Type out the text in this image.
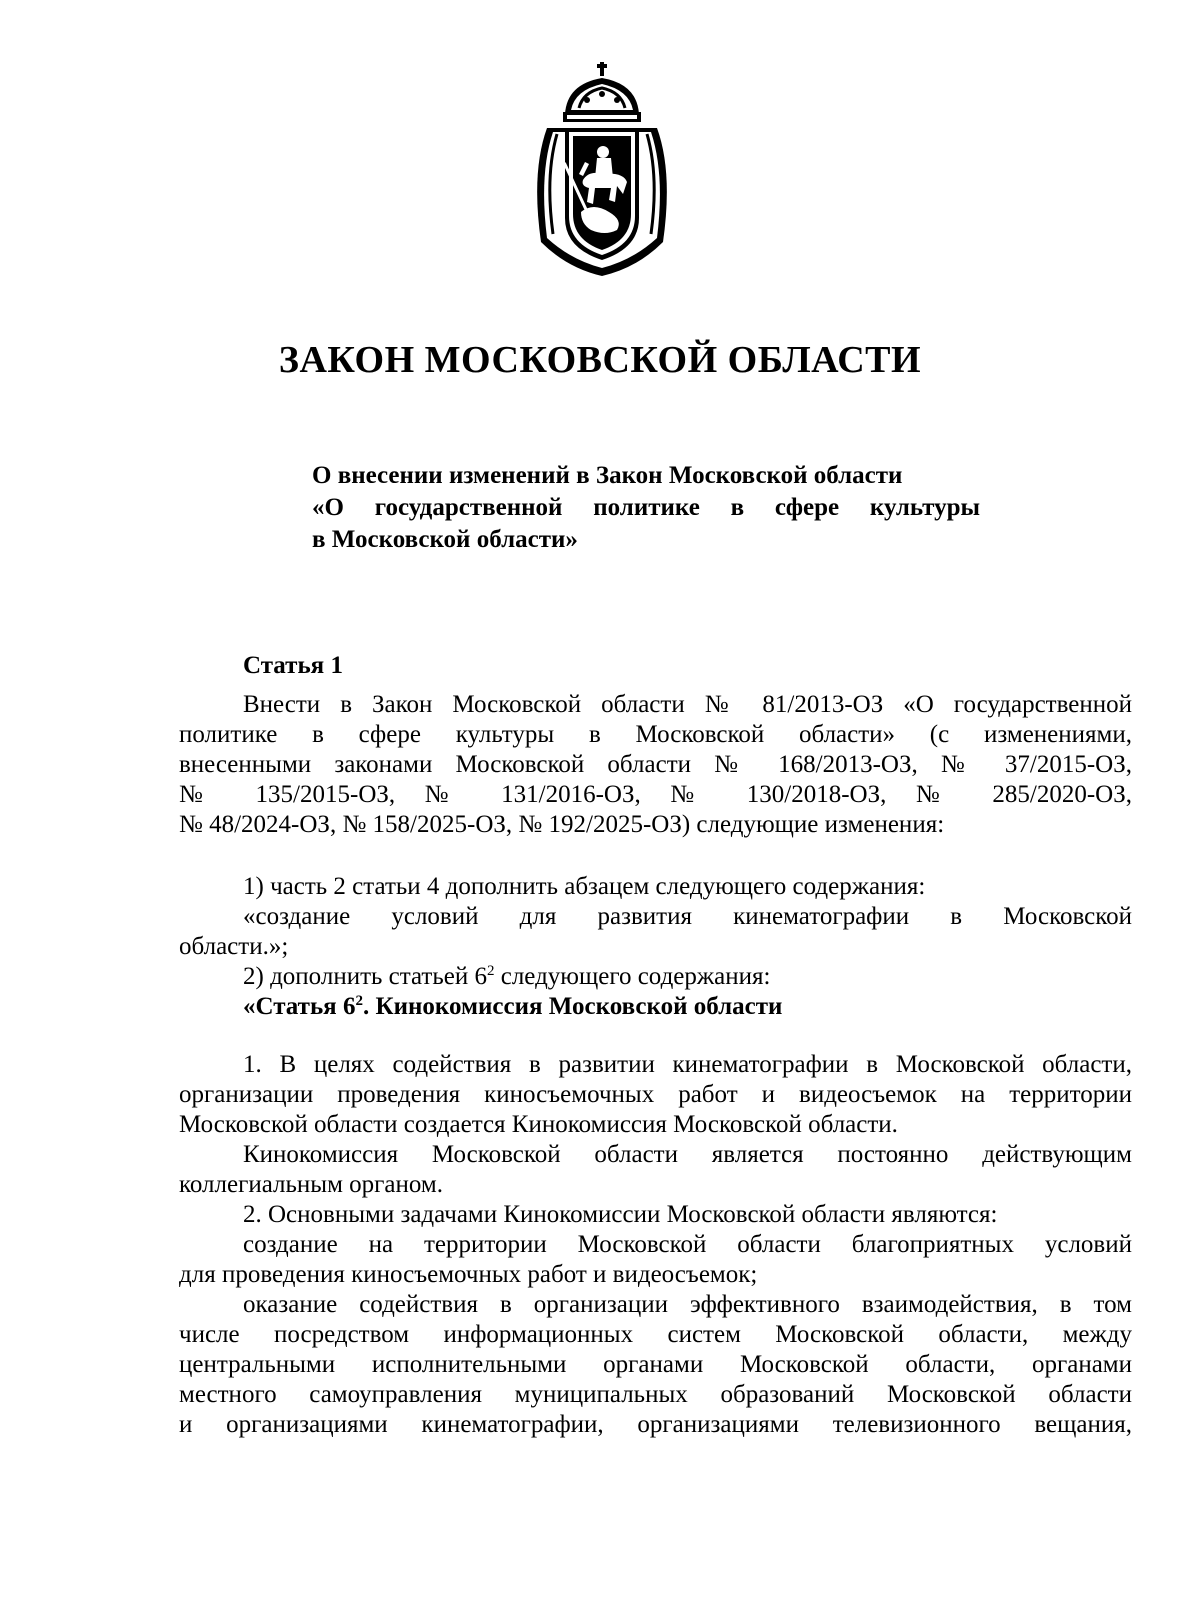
ЗАКОН МОСКОВСКОЙ ОБЛАСТИ
О внесении изменений в Закон Московской области
«О государственной политике в сфере культуры
в Московской области»
Статья 1
Внести в Закон Московской области № 81/2013-ОЗ «О государственной
политике в сфере культуры в Московской области» (с изменениями,
внесенными законами Московской области № 168/2013-ОЗ, № 37/2015-ОЗ,
№ 135/2015-ОЗ, № 131/2016-ОЗ, № 130/2018-ОЗ, № 285/2020-ОЗ,
№ 48/2024-ОЗ, № 158/2025-ОЗ, № 192/2025-ОЗ) следующие изменения:
1) часть 2 статьи 4 дополнить абзацем следующего содержания:
«создание условий для развития кинематографии в Московской
области.»;
2) дополнить статьей $6^2$ следующего содержания:
«Статья $6^2$. Кинокомиссия Московской области
1. В целях содействия в развитии кинематографии в Московской области,
организации проведения киносъемочных работ и видеосъемок на территории
Московской области создается Кинокомиссия Московской области.
Кинокомиссия Московской области является постоянно действующим
коллегиальным органом.
2. Основными задачами Кинокомиссии Московской области являются:
создание на территории Московской области благоприятных условий
для проведения киносъемочных работ и видеосъемок;
оказание содействия в организации эффективного взаимодействия, в том
числе посредством информационных систем Московской области, между
центральными исполнительными органами Московской области, органами
местного самоуправления муниципальных образований Московской области
и организациями кинематографии, организациями телевизионного вещания,
